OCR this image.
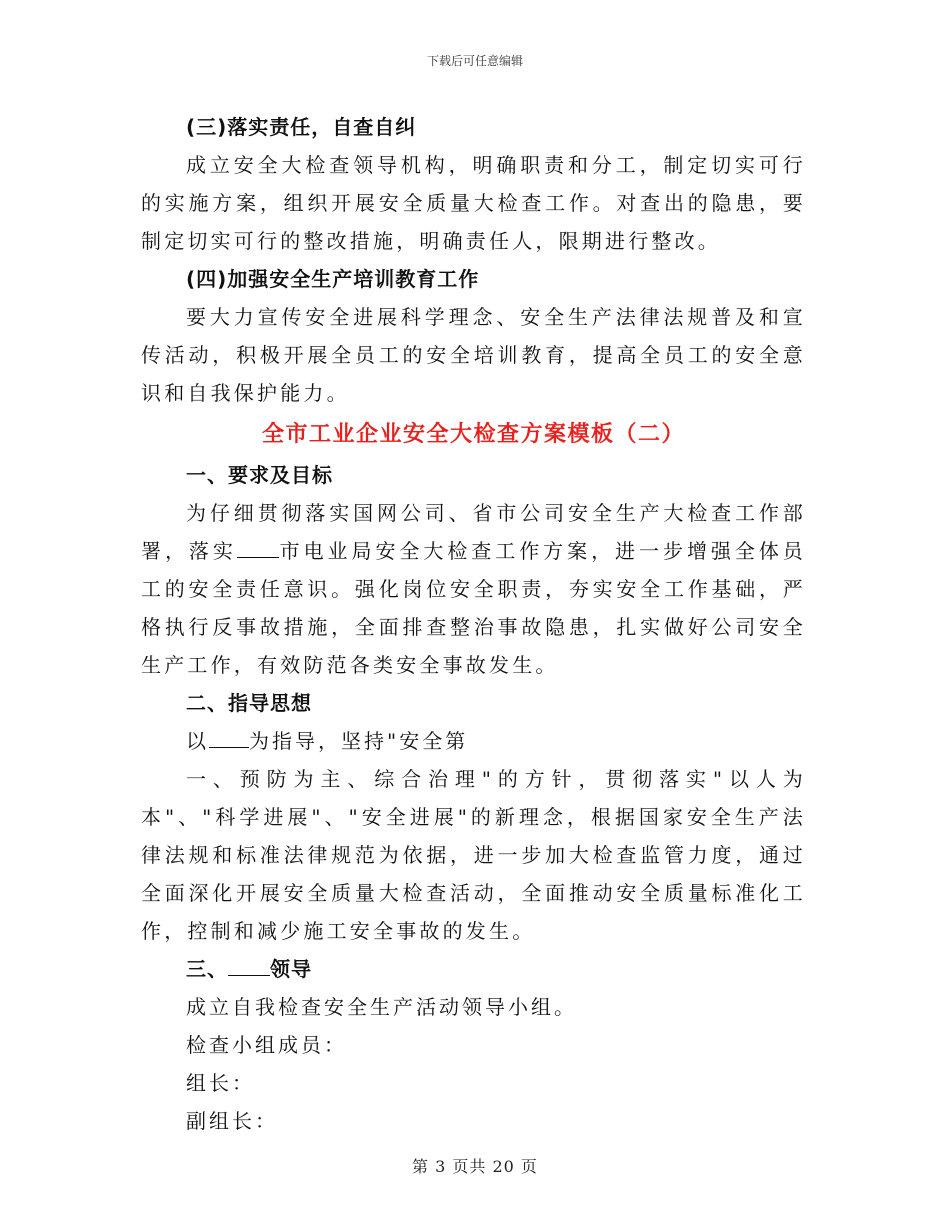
下载后可任意编辑
(三)落实责任，自查自纠

成立安全大检查领导机构，明确职责和分工，制定切实可行的实施方案，组织开展安全质量大检查工作。对查出的隐患，要制定切实可行的整改措施，明确责任人，限期进行整改。

(四)加强安全生产培训教育工作

要大力宣传安全进展科学理念、安全生产法律法规普及和宣传活动，积极开展全员工的安全培训教育，提高全员工的安全意识和自我保护能力。

全市工业企业安全大检查方案模板（二）
一、要求及目标

为仔细贯彻落实国网公司、省市公司安全生产大检查工作部署，落实 市电业局安全大检查工作方案，进一步增强全体员工的安全责任意识。强化岗位安全职责，夯实安全工作基础，严格执行反事故措施，全面排查整治事故隐患，扎实做好公司安全生产工作，有效防范各类安全事故发生。

二、指导思想
以 为指导，坚持"安全第

一、预防为主、综合治理"的方针，贯彻落实"以人为本"、"科学进展"、"安全进展"的新理念，根据国家安全生产法律法规和标准法律规范为依据，进一步加大检查监管力度，通过全面深化开展安全质量大检查活动，全面推动安全质量标准化工作，控制和减少施工安全事故的发生。

三、 领导
成立自我检查安全生产活动领导小组。
检查小组成员：
组长：
副组长：
第 3 页共 20 页
